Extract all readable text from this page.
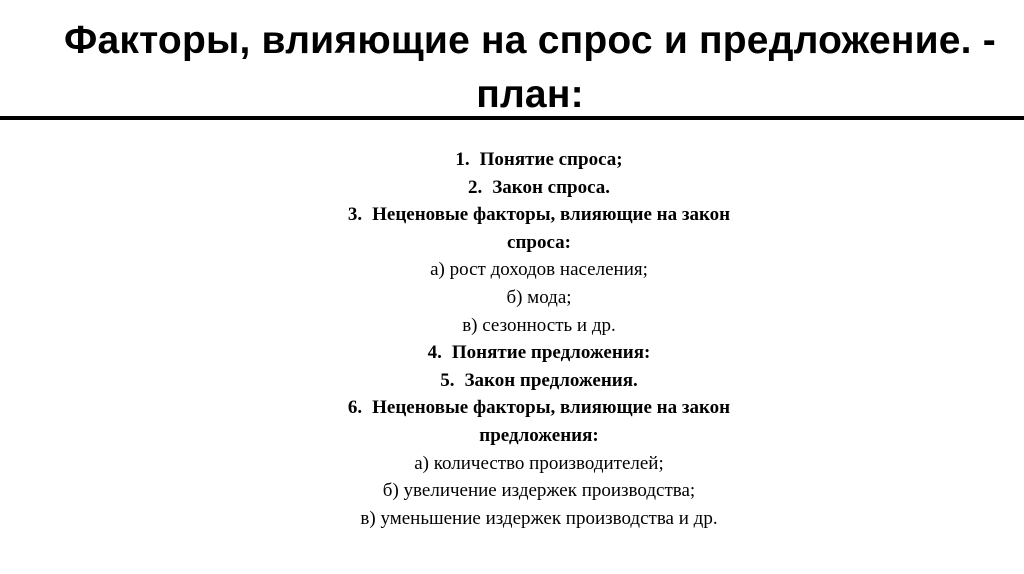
Факторы, влияющие на спрос и предложение. -
план:
1. Понятие спроса;
2. Закон спроса.
3. Неценовые факторы, влияющие на закон
спроса:
а) рост доходов населения;
б) мода;
в) сезонность и др.
4. Понятие предложения:
5. Закон предложения.
6. Неценовые факторы, влияющие на закон
предложения:
а) количество производителей;
б) увеличение издержек производства;
в) уменьшение издержек производства и др.
